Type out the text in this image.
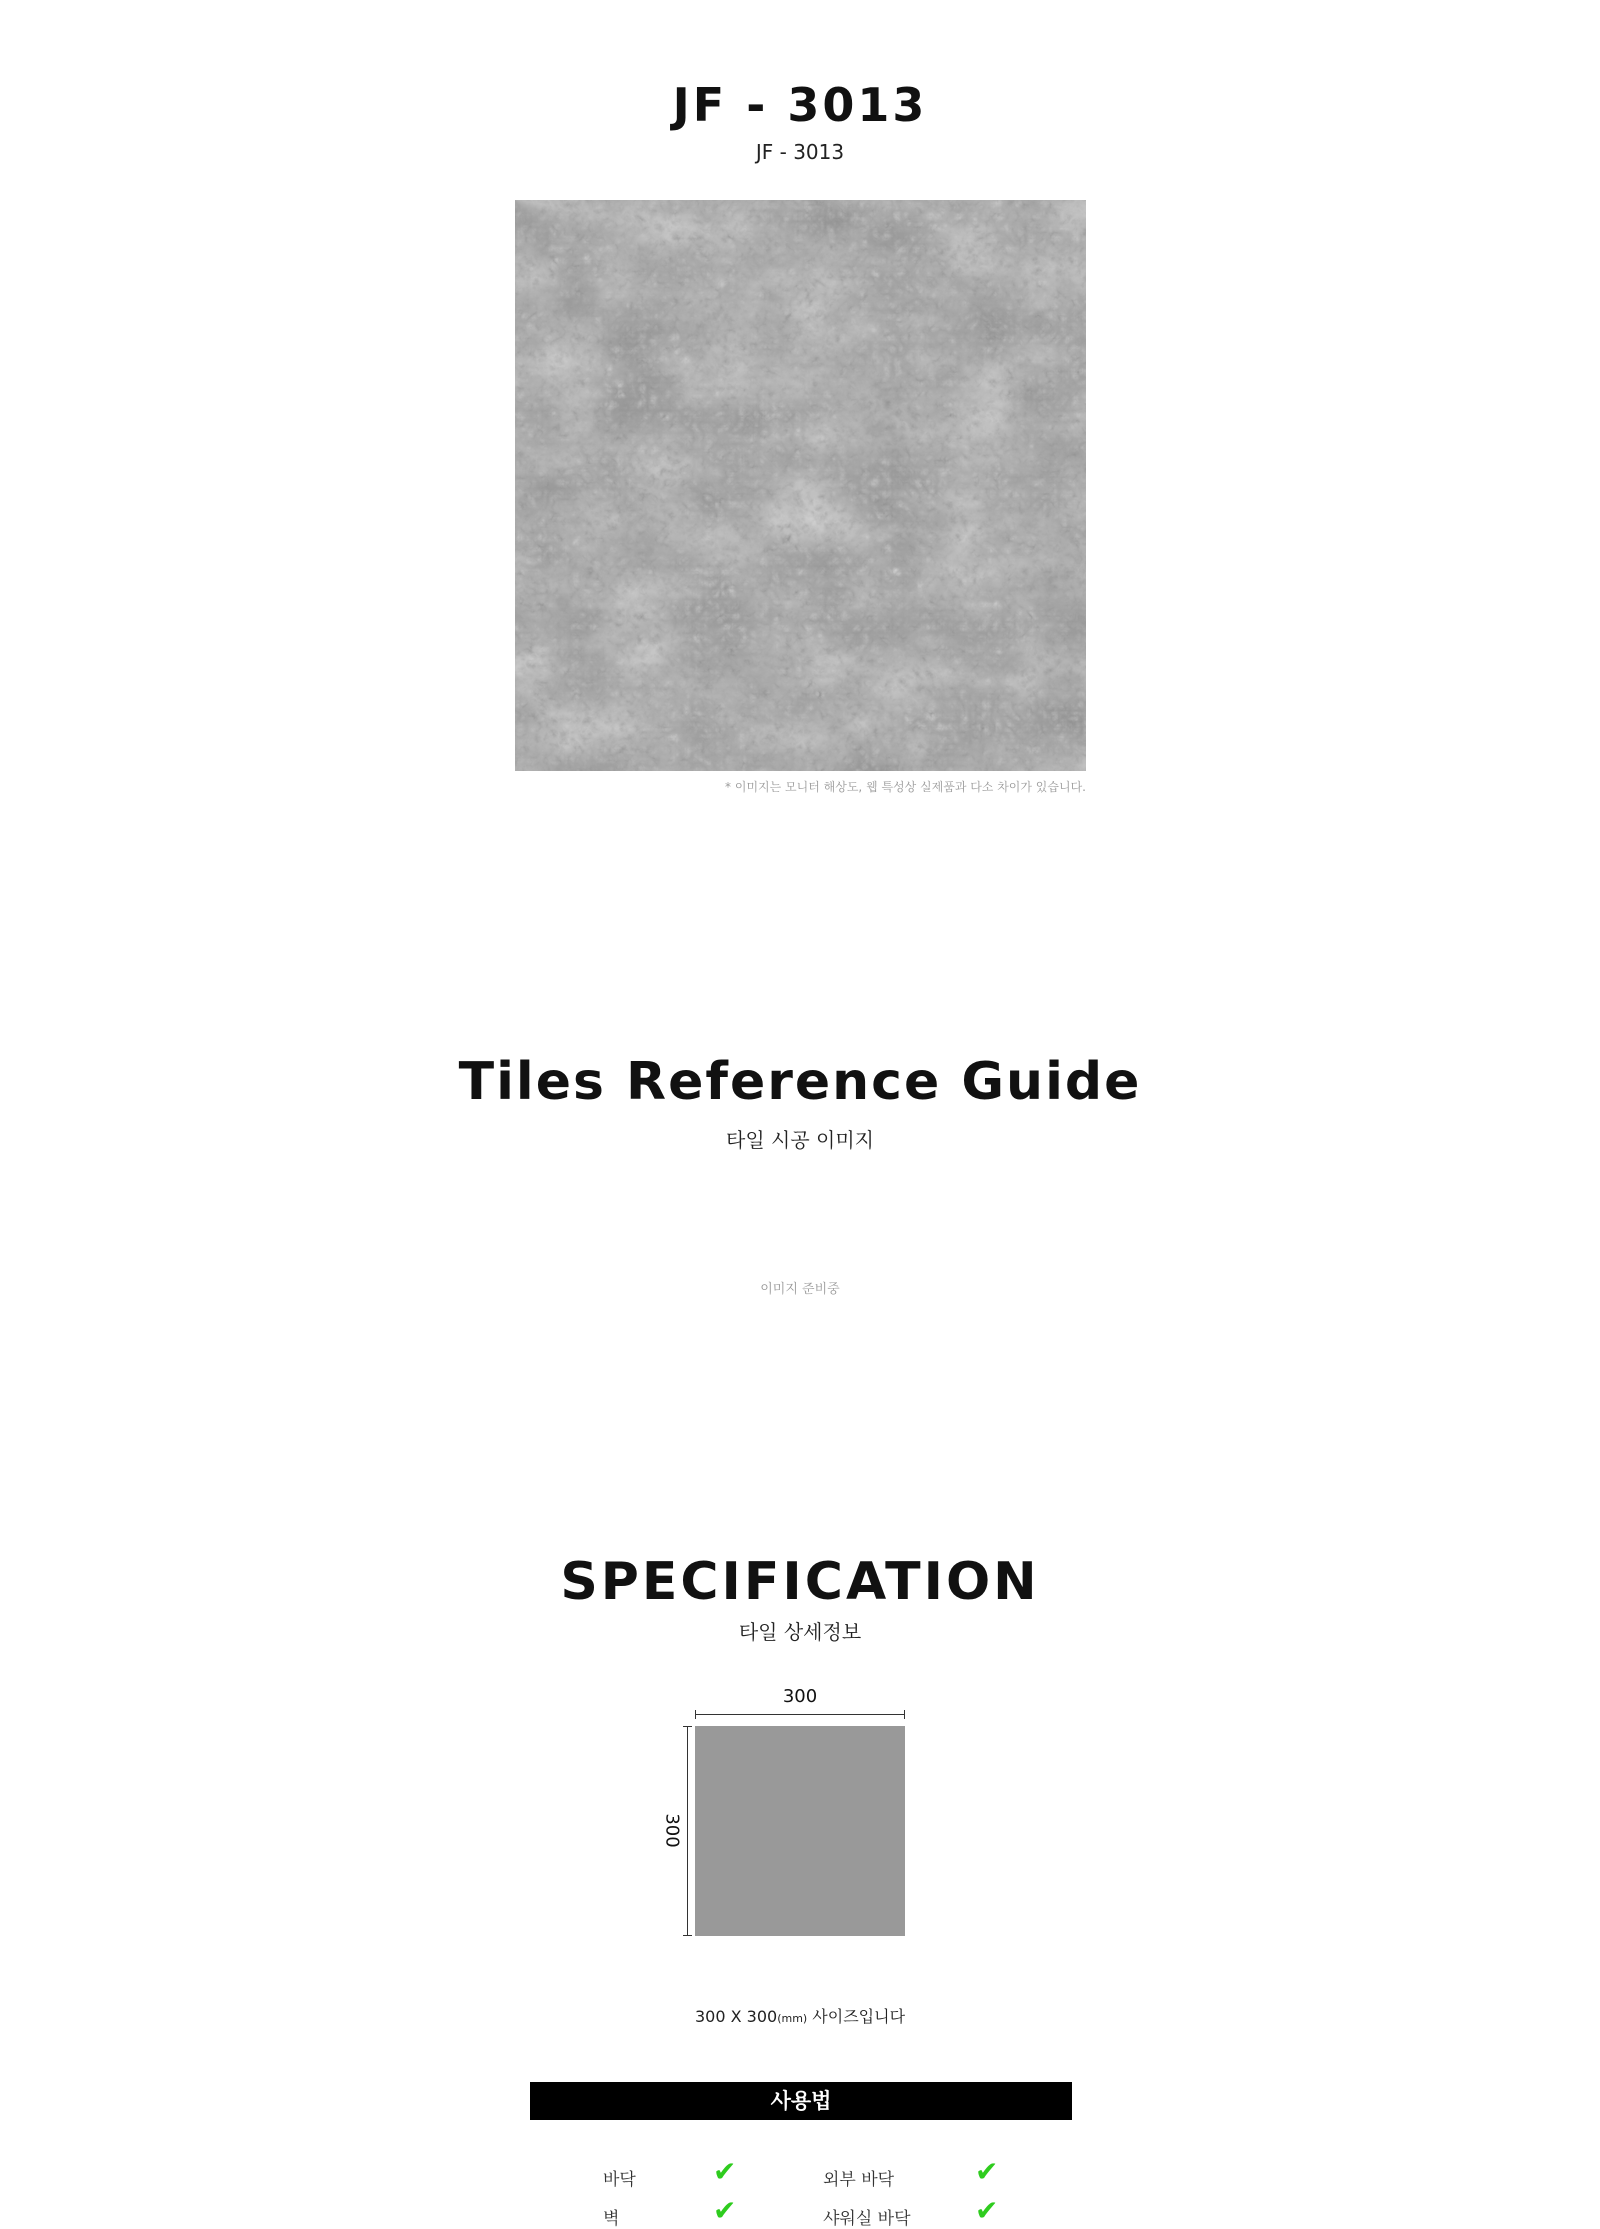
JF - 3013
JF - 3013
* 이미지는 모니터 해상도, 웹 특성상 실제품과 다소 차이가 있습니다.
Tiles Reference Guide
타일 시공 이미지
이미지 준비중
SPECIFICATION
타일 상세정보
300
300
300 X 300(mm) 사이즈입니다
사용법
바닥	✔	외부 바닥	✔
벽	✔	샤워실 바닥 ✔
